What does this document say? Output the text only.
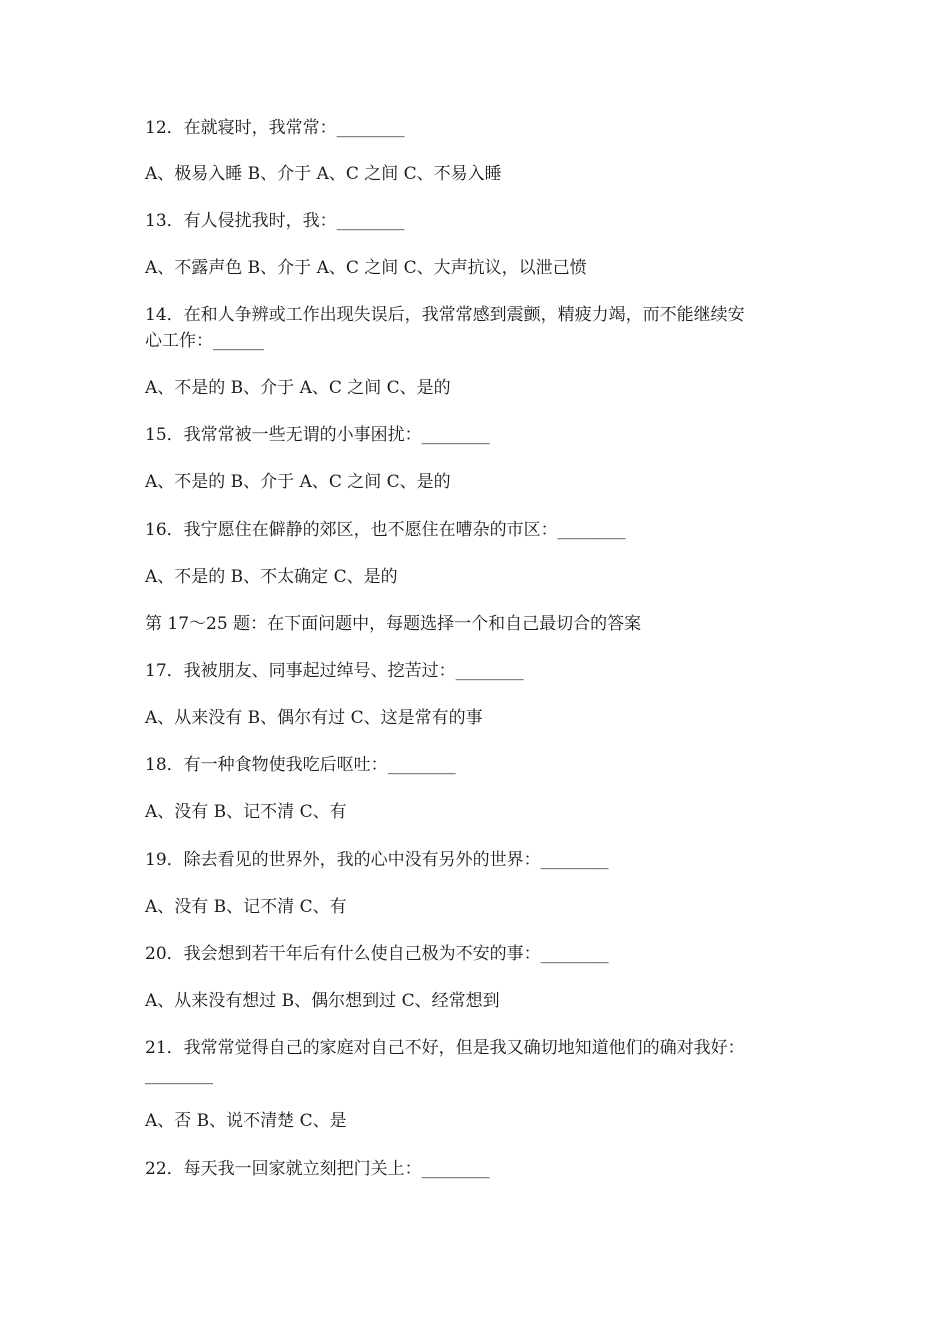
12．在就寝时，我常常：________
A、极易入睡 B、介于 A、C 之间 C、不易入睡
13．有人侵扰我时，我：________
A、不露声色 B、介于 A、C 之间 C、大声抗议，以泄己愤
14．在和人争辨或工作出现失误后，我常常感到震颤，精疲力竭，而不能继续安
心工作：______
A、不是的 B、介于 A、C 之间 C、是的
15．我常常被一些无谓的小事困扰：________
A、不是的 B、介于 A、C 之间 C、是的
16．我宁愿住在僻静的郊区，也不愿住在嘈杂的市区：________
A、不是的 B、不太确定 C、是的
第 17～25 题：在下面问题中，每题选择一个和自己最切合的答案
17．我被朋友、同事起过绰号、挖苦过：________
A、从来没有 B、偶尔有过 C、这是常有的事
18．有一种食物使我吃后呕吐：________
A、没有 B、记不清 C、有
19．除去看见的世界外，我的心中没有另外的世界：________
A、没有 B、记不清 C、有
20．我会想到若干年后有什么使自己极为不安的事：________
A、从来没有想过 B、偶尔想到过 C、经常想到
21．我常常觉得自己的家庭对自己不好，但是我又确切地知道他们的确对我好：
________
A、否 B、说不清楚 C、是
22．每天我一回家就立刻把门关上：________
